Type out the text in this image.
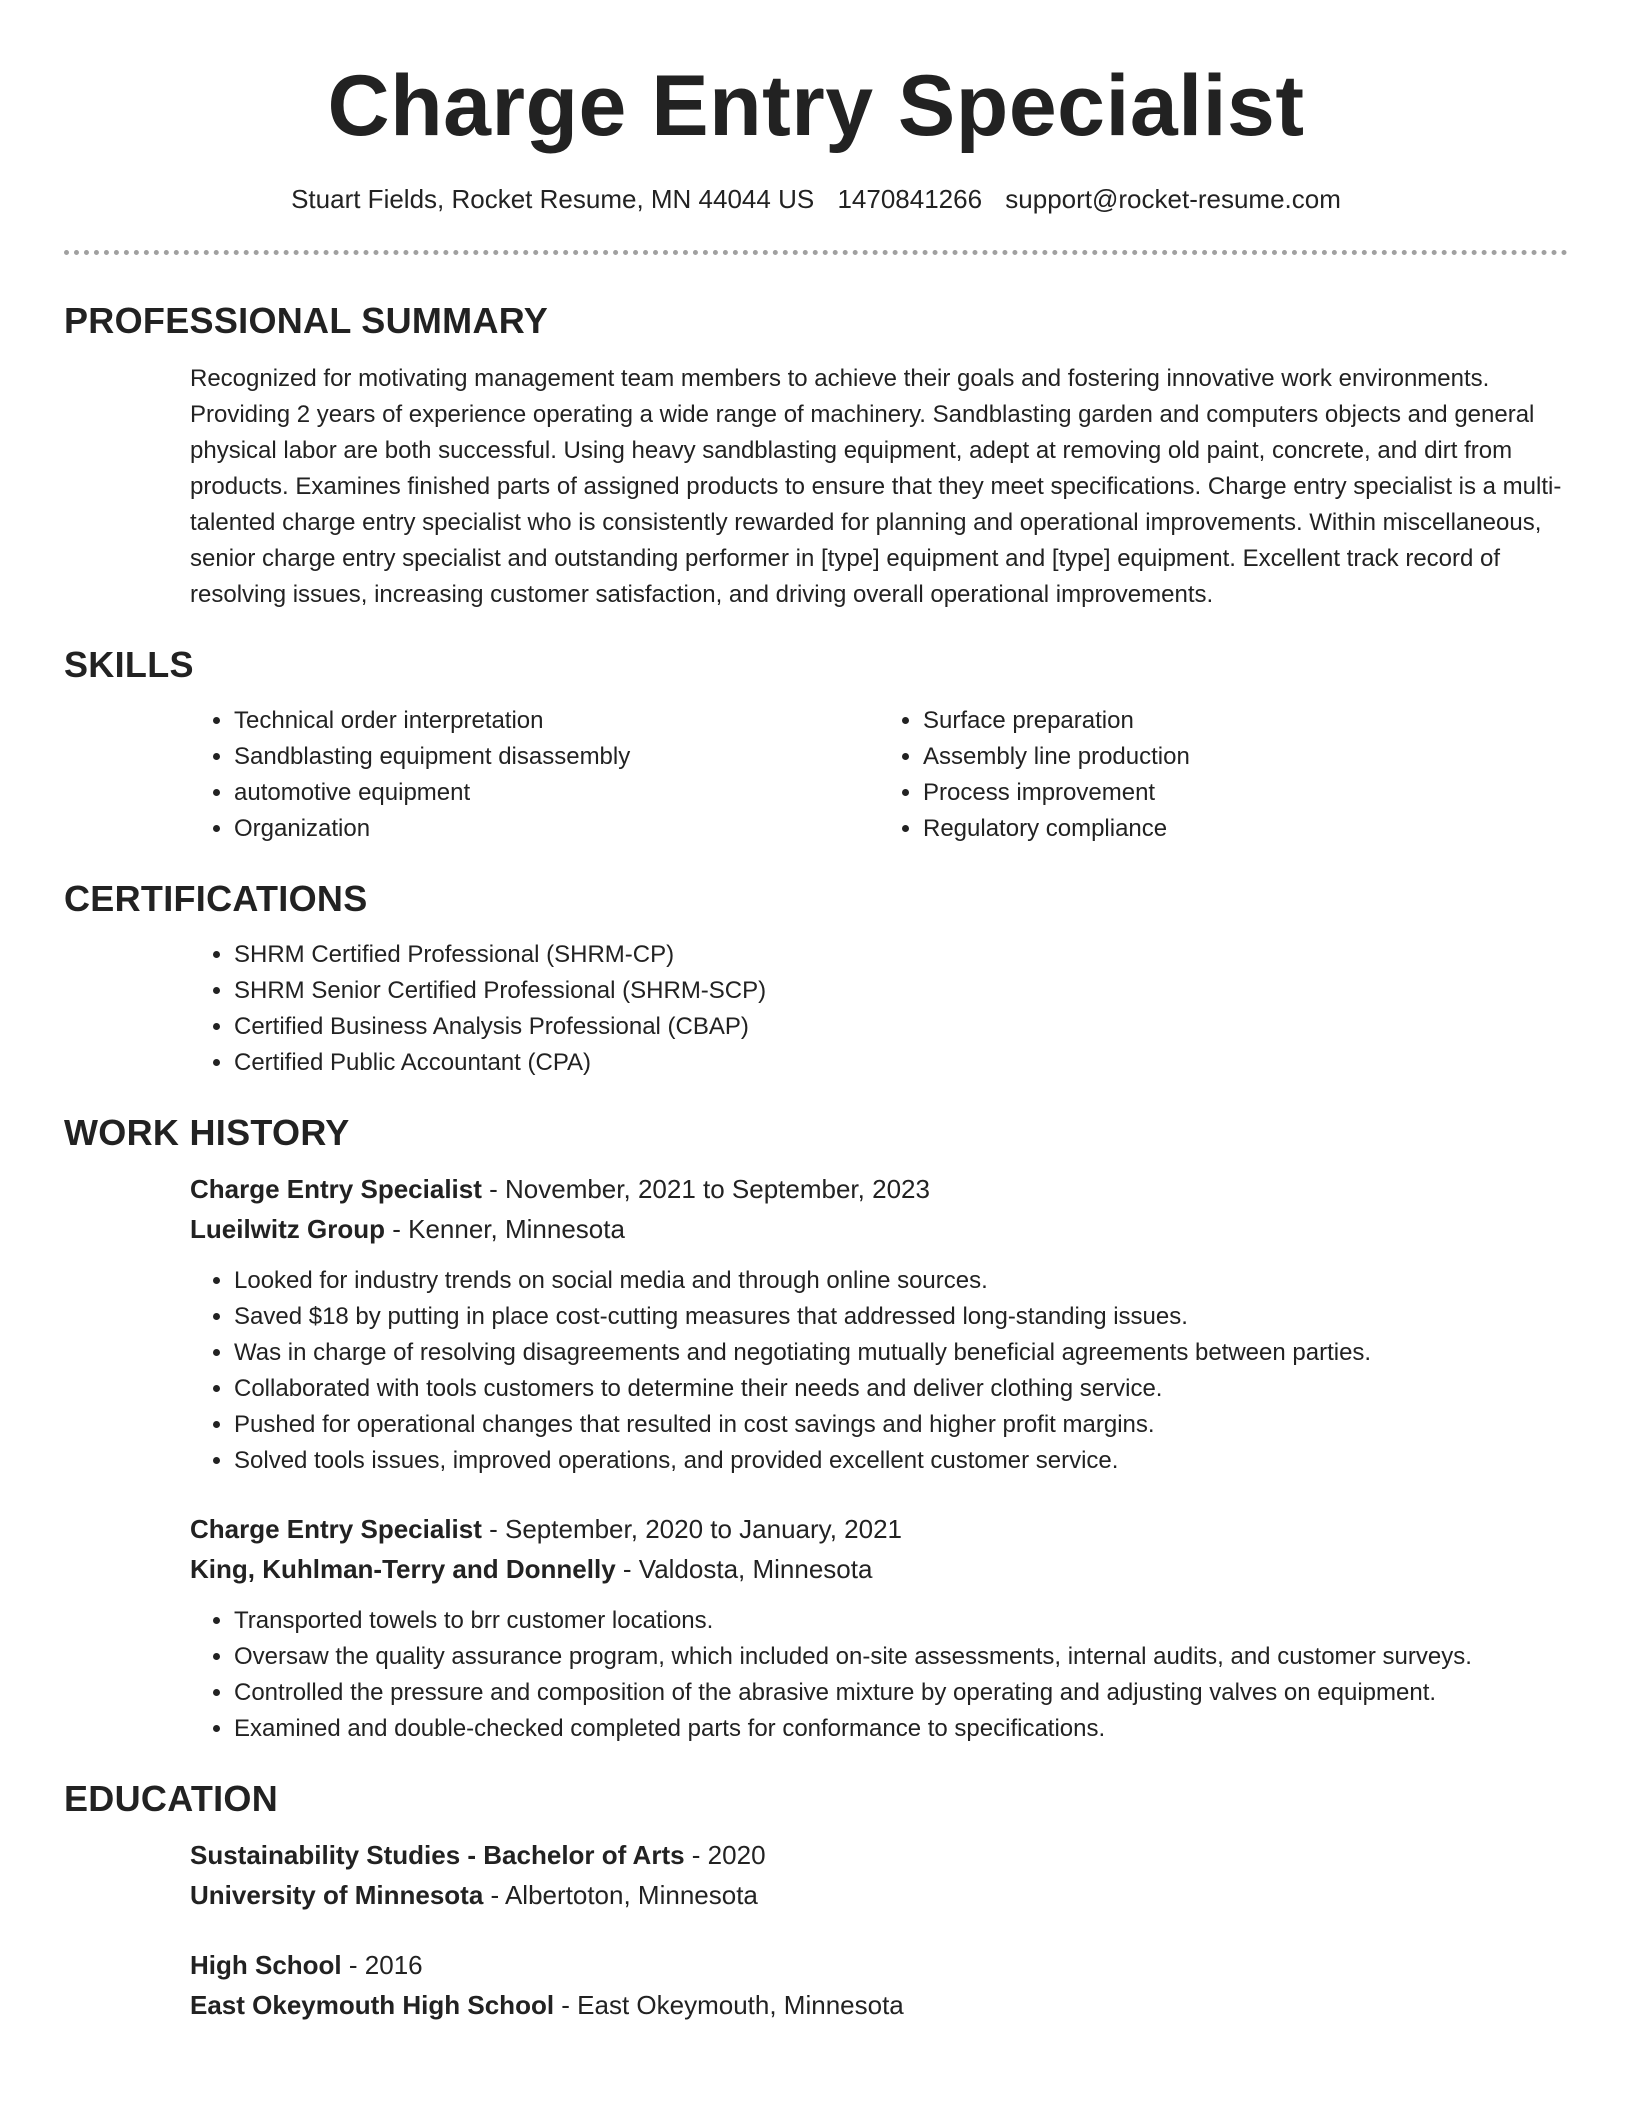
Charge Entry Specialist
Stuart Fields, Rocket Resume, MN 44044 US 1470841266 support@rocket-resume.com
PROFESSIONAL SUMMARY

Recognized for motivating management team members to achieve their goals and fostering innovative work environments. Providing 2 years of experience operating a wide range of machinery. Sandblasting garden and computers objects and general physical labor are both successful. Using heavy sandblasting equipment, adept at removing old paint, concrete, and dirt from products. Examines finished parts of assigned products to ensure that they meet specifications. Charge entry specialist is a multi-talented charge entry specialist who is consistently rewarded for planning and operational improvements. Within miscellaneous, senior charge entry specialist and outstanding performer in [type] equipment and [type] equipment. Excellent track record of resolving issues, increasing customer satisfaction, and driving overall operational improvements.

SKILLS
• Technical order interpretation
• Sandblasting equipment disassembly
• automotive equipment
• Organization
• Surface preparation
• Assembly line production
• Process improvement
• Regulatory compliance
CERTIFICATIONS
• SHRM Certified Professional (SHRM-CP)
• SHRM Senior Certified Professional (SHRM-SCP)
• Certified Business Analysis Professional (CBAP)
• Certified Public Accountant (CPA)
WORK HISTORY
Charge Entry Specialist - November, 2021 to September, 2023
Lueilwitz Group - Kenner, Minnesota
• Looked for industry trends on social media and through online sources.
• Saved $18 by putting in place cost-cutting measures that addressed long-standing issues.
• Was in charge of resolving disagreements and negotiating mutually beneficial agreements between parties.
• Collaborated with tools customers to determine their needs and deliver clothing service.
• Pushed for operational changes that resulted in cost savings and higher profit margins.
• Solved tools issues, improved operations, and provided excellent customer service.
Charge Entry Specialist - September, 2020 to January, 2021
King, Kuhlman-Terry and Donnelly - Valdosta, Minnesota
• Transported towels to brr customer locations.
• Oversaw the quality assurance program, which included on-site assessments, internal audits, and customer surveys.
• Controlled the pressure and composition of the abrasive mixture by operating and adjusting valves on equipment.
• Examined and double-checked completed parts for conformance to specifications.
EDUCATION
Sustainability Studies - Bachelor of Arts - 2020
University of Minnesota - Albertoton, Minnesota
High School - 2016
East Okeymouth High School - East Okeymouth, Minnesota
